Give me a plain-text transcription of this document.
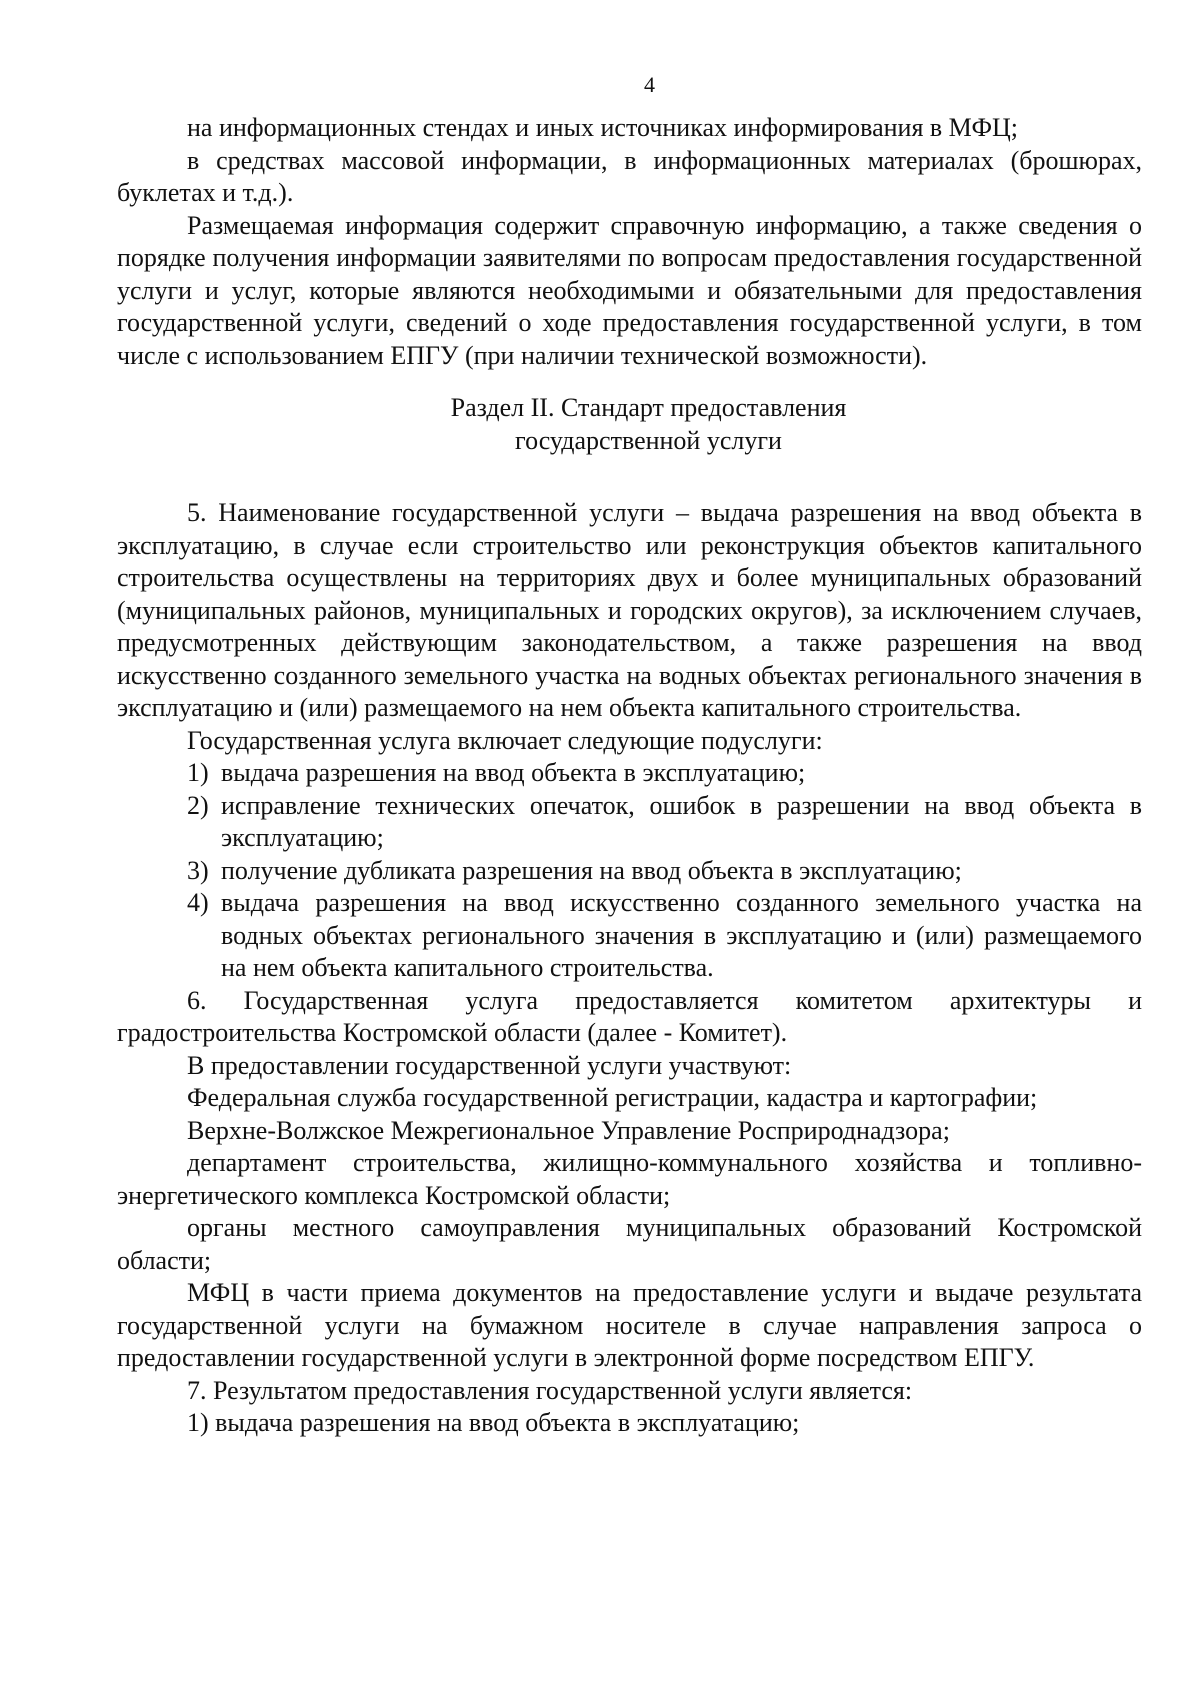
4

на информационных стендах и иных источниках информирования в МФЦ;

в средствах массовой информации, в информационных материалах (брошюрах, буклетах и т.д.).

Размещаемая информация содержит справочную информацию, а также сведения о порядке получения информации заявителями по вопросам предоставления государственной услуги и услуг, которые являются необходимыми и обязательными для предоставления государственной услуги, сведений о ходе предоставления государственной услуги, в том числе с использованием ЕПГУ (при наличии технической возможности).

Раздел II. Стандарт предоставления
государственной услуги

5. Наименование государственной услуги – выдача разрешения на ввод объекта в эксплуатацию, в случае если строительство или реконструкция объектов капитального строительства осуществлены на территориях двух и более муниципальных образований (муниципальных районов, муниципальных и городских округов), за исключением случаев, предусмотренных действующим законодательством, а также разрешения на ввод искусственно созданного земельного участка на водных объектах регионального значения в эксплуатацию и (или) размещаемого на нем объекта капитального строительства.

Государственная услуга включает следующие подуслуги:

1) выдача разрешения на ввод объекта в эксплуатацию;
2) исправление технических опечаток, ошибок в разрешении на ввод объекта в эксплуатацию;
3) получение дубликата разрешения на ввод объекта в эксплуатацию;
4) выдача разрешения на ввод искусственно созданного земельного участка на водных объектах регионального значения в эксплуатацию и (или) размещаемого на нем объекта капитального строительства.

6. Государственная услуга предоставляется комитетом архитектуры и градостроительства Костромской области (далее - Комитет).

В предоставлении государственной услуги участвуют:

Федеральная служба государственной регистрации, кадастра и картографии;

Верхне-Волжское Межрегиональное Управление Росприроднадзора;

департамент строительства, жилищно-коммунального хозяйства и топливно-энергетического комплекса Костромской области;

органы местного самоуправления муниципальных образований Костромской области;

МФЦ в части приема документов на предоставление услуги и выдаче результата государственной услуги на бумажном носителе в случае направления запроса о предоставлении государственной услуги в электронной форме посредством ЕПГУ.

7. Результатом предоставления государственной услуги является:

1) выдача разрешения на ввод объекта в эксплуатацию;
